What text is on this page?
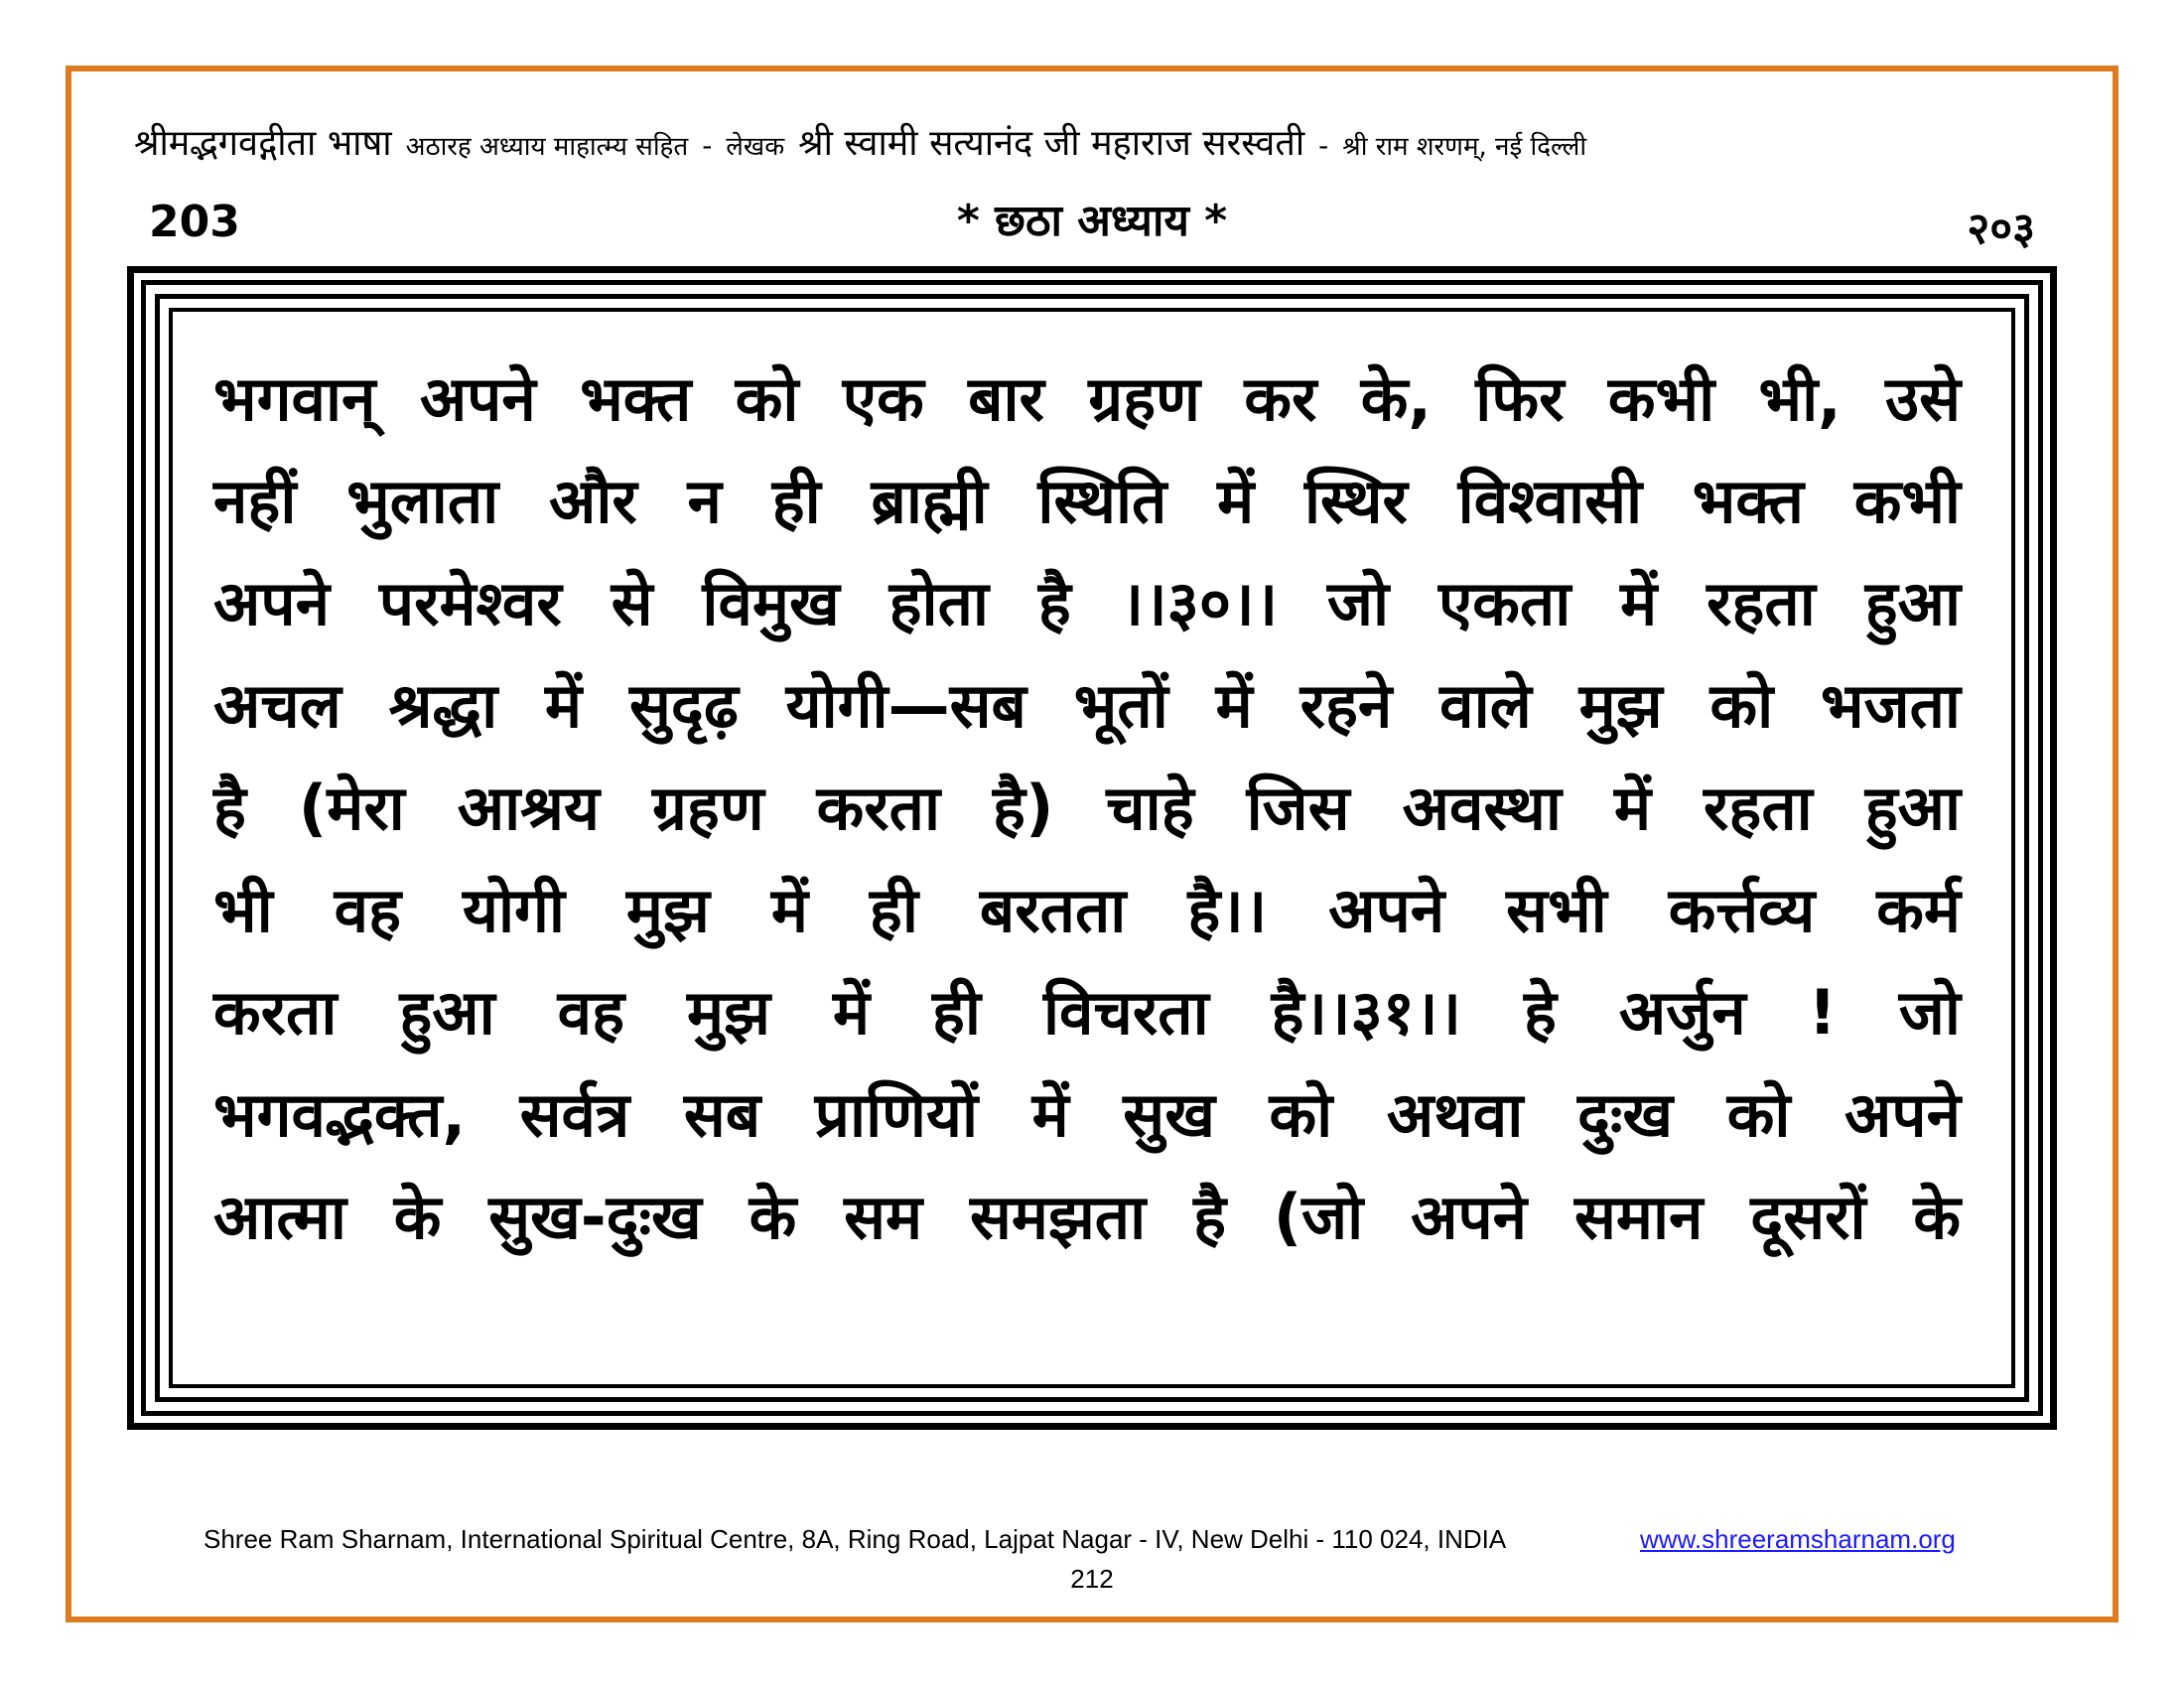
श्रीमद्भगवद्गीता भाषा अठारह अध्याय माहात्म्य सहित - लेखक श्री स्वामी सत्यानंद जी महाराज सरस्वती - श्री राम शरणम्, नई दिल्ली
203	* छठा अध्याय *	२०३
भगवान् अपने भक्त को एक बार ग्रहण कर के, फिर कभी भी, उसे
नहीं भुलाता और न ही ब्राह्मी स्थिति में स्थिर विश्वासी भक्त कभी
अपने परमेश्वर से विमुख होता है ।।३०।। जो एकता में रहता हुआ
अचल श्रद्धा में सुदृढ़ योगी—सब भूतों में रहने वाले मुझ को भजता
है (मेरा आश्रय ग्रहण करता है) चाहे जिस अवस्था में रहता हुआ
भी वह योगी मुझ में ही बरतता है।। अपने सभी कर्त्तव्य कर्म
करता हुआ वह मुझ में ही विचरता है।।३१।। हे अर्जुन ! जो
भगवद्भक्त, सर्वत्र सब प्राणियों में सुख को अथवा दुःख को अपने
आत्मा के सुख-दुःख के सम समझता है (जो अपने समान दूसरों के
Shree Ram Sharnam, International Spiritual Centre, 8A, Ring Road, Lajpat Nagar - IV, New Delhi - 110 024, INDIA	www.shreeramsharnam.org
212
